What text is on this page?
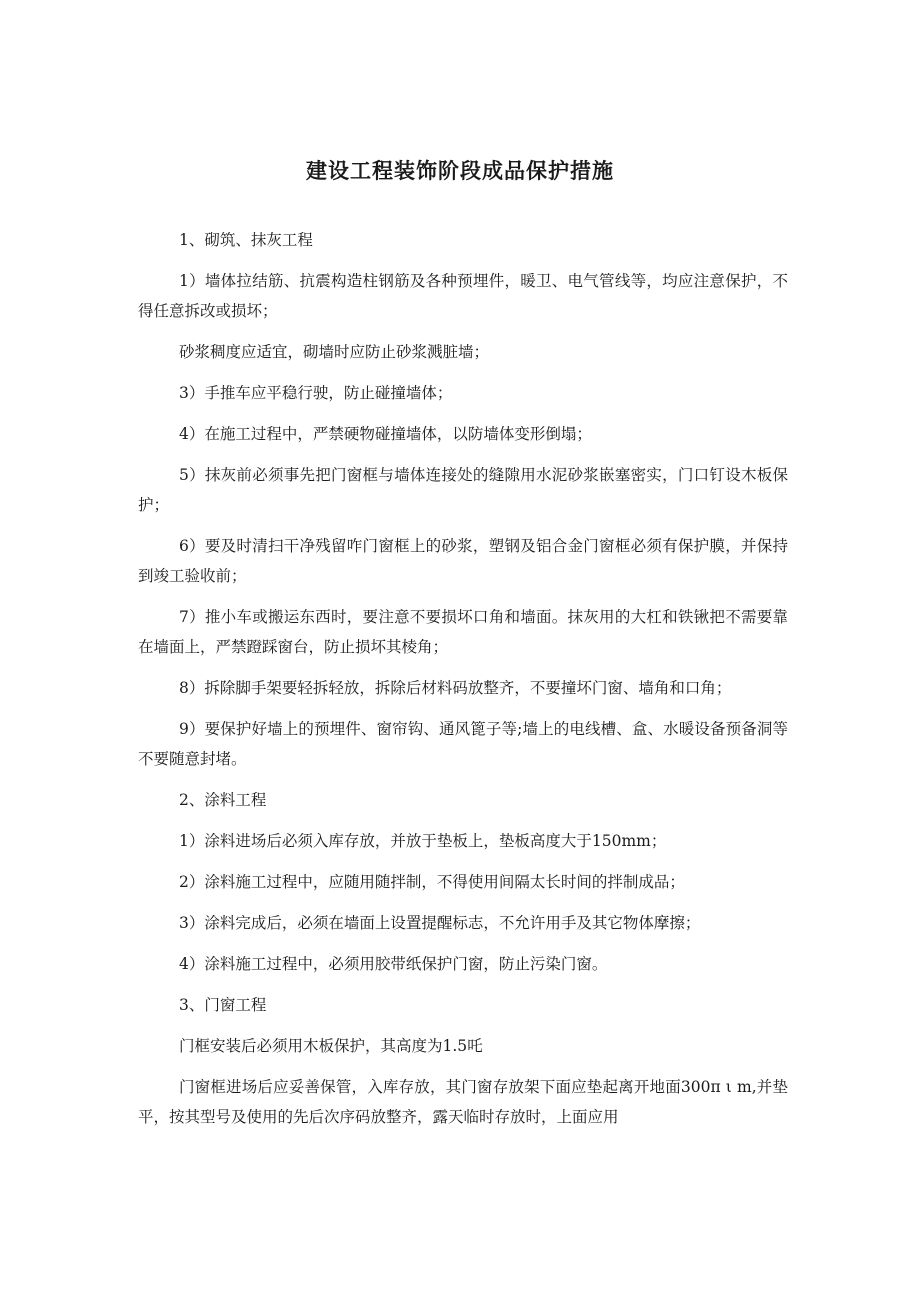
建设工程装饰阶段成品保护措施

1、砌筑、抹灰工程

1）墙体拉结筋、抗震构造柱钢筋及各种预埋件，暖卫、电气管线等，均应注意保护，不得任意拆改或损坏；

砂浆稠度应适宜，砌墙时应防止砂浆溅脏墙；

3）手推车应平稳行驶，防止碰撞墙体；

4）在施工过程中，严禁硬物碰撞墙体，以防墙体变形倒塌；

5）抹灰前必须事先把门窗框与墙体连接处的缝隙用水泥砂浆嵌塞密实，门口钉设木板保护；

6）要及时清扫干净残留咋门窗框上的砂浆，塑钢及铝合金门窗框必须有保护膜，并保持到竣工验收前；

7）推小车或搬运东西时，要注意不要损坏口角和墙面。抹灰用的大杠和铁锹把不需要靠在墙面上，严禁蹬踩窗台，防止损坏其棱角；

8）拆除脚手架要轻拆轻放，拆除后材料码放整齐，不要撞坏门窗、墙角和口角；

9）要保护好墙上的预埋件、窗帘钩、通风篦子等;墙上的电线槽、盒、水暖设备预备洞等不要随意封堵。

2、涂料工程

1）涂料进场后必须入库存放，并放于垫板上，垫板高度大于150mm；

2）涂料施工过程中，应随用随拌制，不得使用间隔太长时间的拌制成品；

3）涂料完成后，必须在墙面上设置提醒标志，不允许用手及其它物体摩擦；

4）涂料施工过程中，必须用胶带纸保护门窗，防止污染门窗。

3、门窗工程

门框安装后必须用木板保护，其高度为1.5吒

门窗框进场后应妥善保管，入库存放，其门窗存放架下面应垫起离开地面300π ι m,并垫平，按其型号及使用的先后次序码放整齐，露天临时存放时，上面应用
